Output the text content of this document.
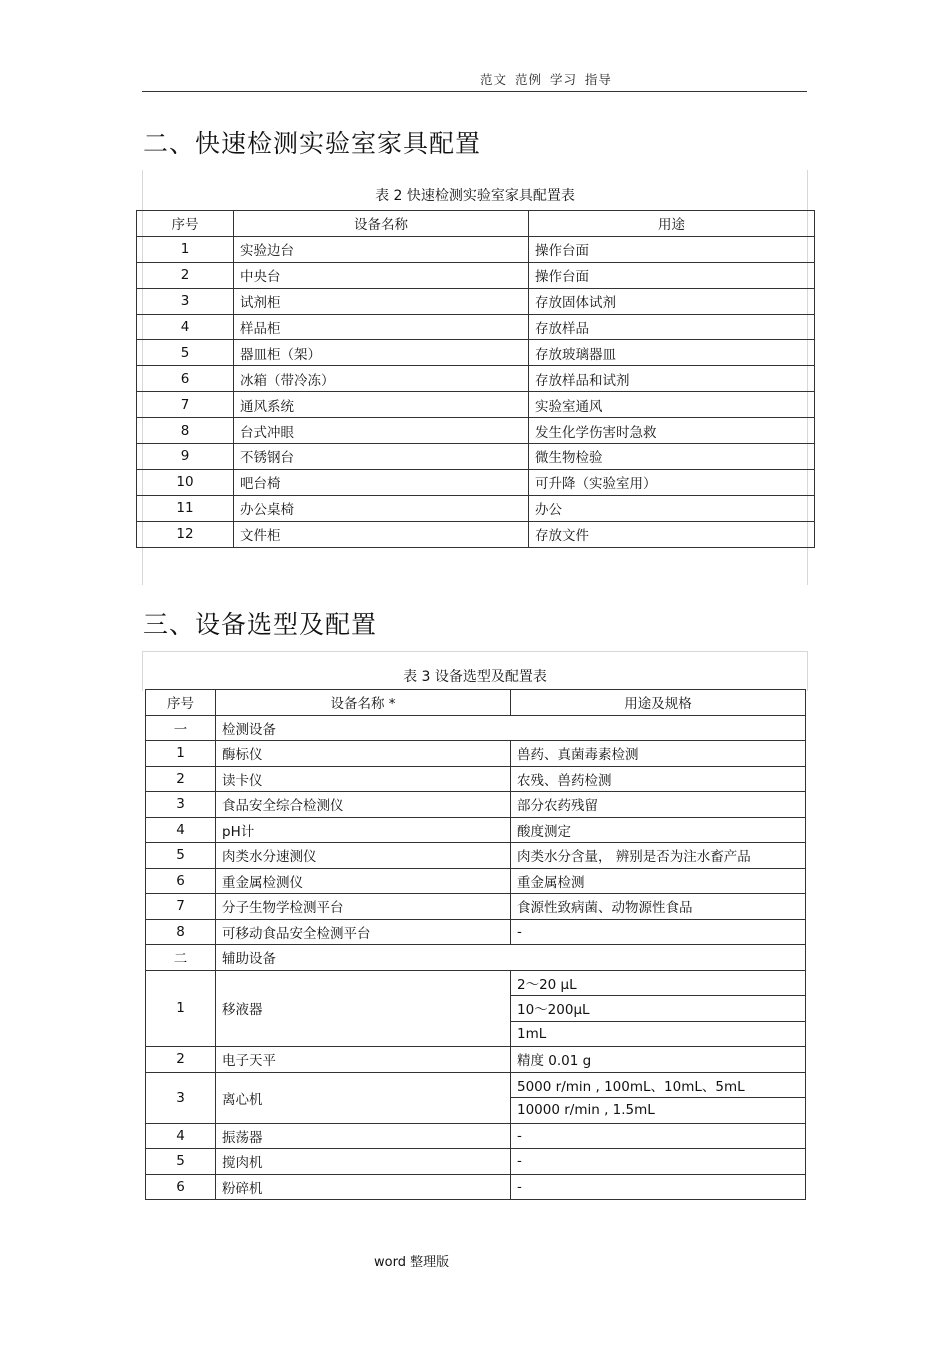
范文 范例 学习 指导
二、快速检测实验室家具配置
表 2 快速检测实验室家具配置表
序号	设备名称	用途
1	实验边台	操作台面
2	中央台	操作台面
3	试剂柜	存放固体试剂
4	样品柜	存放样品
5	器皿柜（架）	存放玻璃器皿
6	冰箱（带冷冻）	存放样品和试剂
7	通风系统	实验室通风
8	台式冲眼	发生化学伤害时急救
9	不锈钢台	微生物检验
10	吧台椅	可升降（实验室用）
11	办公桌椅	办公
12	文件柜	存放文件
三、设备选型及配置
表 3 设备选型及配置表
序号	设备名称 *	用途及规格
一	检测设备	
1	酶标仪	兽药、真菌毒素检测
2	读卡仪	农残、兽药检测
3	食品安全综合检测仪	部分农药残留
4	pH计	酸度测定
5	肉类水分速测仪	肉类水分含量， 辨别是否为注水畜产品
6	重金属检测仪	重金属检测
7	分子生物学检测平台	食源性致病菌、动物源性食品
8	可移动食品安全检测平台	-
二	辅助设备	
1	移液器	2～20 μL
		10～200μL
		1mL
2	电子天平	精度 0.01 g
3	离心机	5000 r/min , 100mL、10mL、5mL
		10000 r/min , 1.5mL
4	振荡器	-
5	搅肉机	-
6	粉碎机	-
word 整理版
